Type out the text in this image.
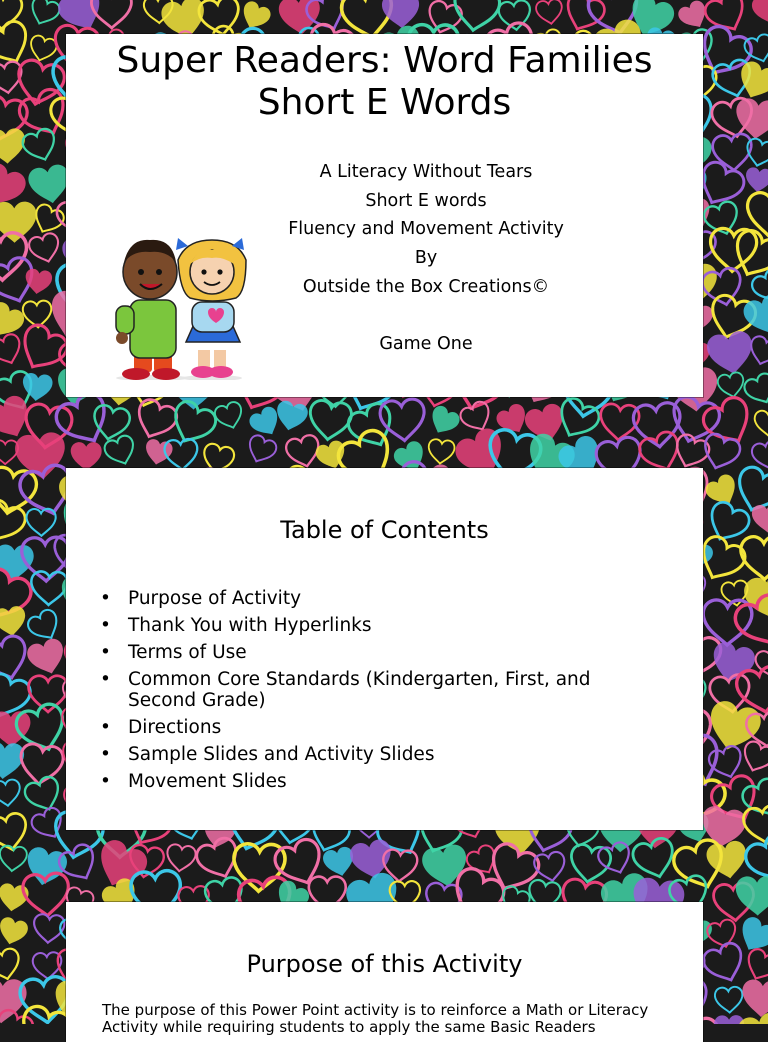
Super Readers: Word Families
Short E Words
A Literacy Without Tears
Short E words
Fluency and Movement Activity
By
Outside the Box Creations©

Game One
Table of Contents
• Purpose of Activity
• Thank You with Hyperlinks
• Terms of Use
• Common Core Standards (Kindergarten, First, and Second Grade)
• Directions
• Sample Slides and Activity Slides
• Movement Slides
Purpose of this Activity
The purpose of this Power Point activity is to reinforce a Math or Literacy Activity while requiring students to apply the same Basic Readers
